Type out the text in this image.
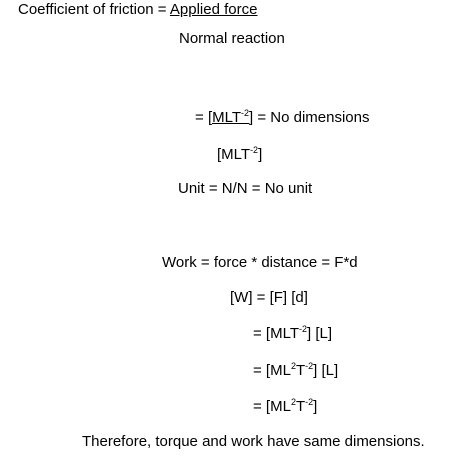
Coefficient of friction = Applied force
Normal reaction
= $[MLT^{-2}] = No$ dimensions
$[MLT^{-2}]$
Unit = N/N = No unit
Work = force * distance = F*d
[W] = [F] [d]
= $[MLT^{-2}]$ [L]
= $[ML^2T^{-2}]$ [L]
= $[ML^2T^{-2}]$
Therefore, torque and work have same dimensions.
